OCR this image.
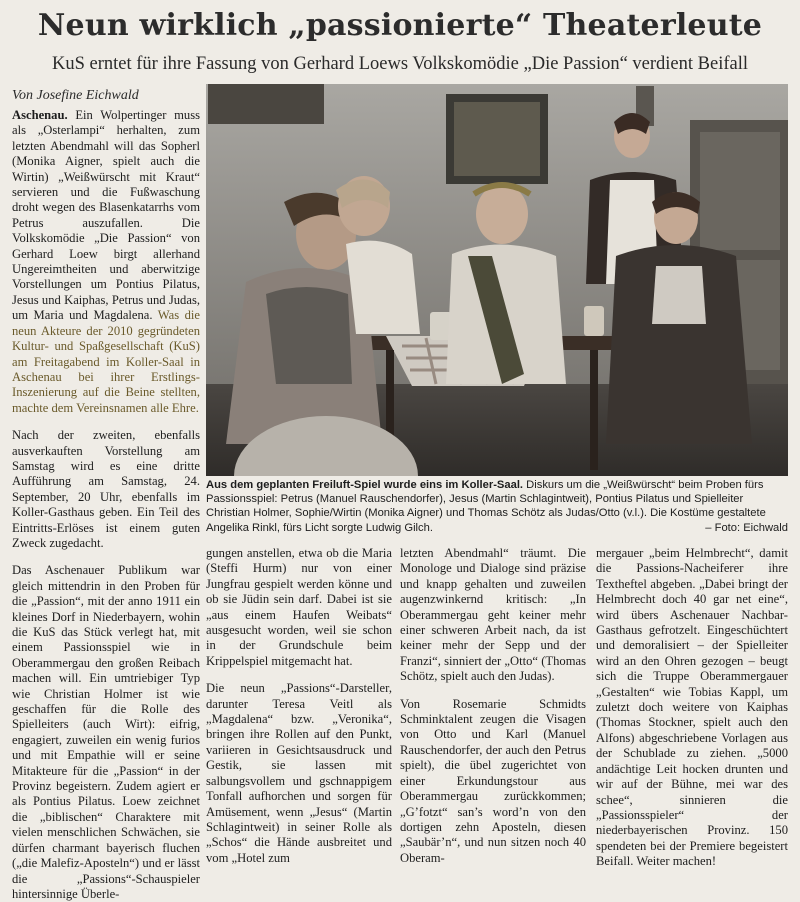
Neun wirklich „passionierte“ Theaterleute
KuS erntet für ihre Fassung von Gerhard Loews Volkskomödie „Die Passion“ verdient Beifall
Von Josefine Eichwald

Aschenau. Ein Wolpertinger muss als „Osterlampi“ herhalten, zum letzten Abendmahl will das Sopherl (Monika Aigner, spielt auch die Wirtin) „Weißwürscht mit Kraut“ servieren und die Fußwaschung droht wegen des Blasenkatarrhs vom Petrus auszufallen. Die Volkskomödie „Die Passion“ von Gerhard Loew birgt allerhand Ungereimtheiten und aberwitzige Vorstellungen um Pontius Pilatus, Jesus und Kaiphas, Petrus und Judas, um Maria und Magdalena. Was die neun Akteure der 2010 gegründeten Kultur- und Spaßgesellschaft (KuS) am Freitagabend im Koller-Saal in Aschenau bei ihrer Erstlings-Inszenierung auf die Beine stellten, machte dem Vereinsnamen alle Ehre.

Nach der zweiten, ebenfalls ausverkauften Vorstellung am Samstag wird es eine dritte Aufführung am Samstag, 24. September, 20 Uhr, ebenfalls im Koller-Gasthaus geben. Ein Teil des Eintritts-Erlöses ist einem guten Zweck zugedacht.

Das Aschenauer Publikum war gleich mittendrin in den Proben für die „Passion“, mit der anno 1911 ein kleines Dorf in Niederbayern, wohin die KuS das Stück verlegt hat, mit einem Passionsspiel wie in Oberammergau den großen Reibach machen will. Ein umtriebiger Typ wie Christian Holmer ist wie geschaffen für die Rolle des Spielleiters (auch Wirt): eifrig, engagiert, zuweilen ein wenig furios und mit Empathie will er seine Mitakteure für die „Passion“ in der Provinz begeistern. Zudem agiert er als Pontius Pilatus. Loew zeichnet die „biblischen“ Charaktere mit vielen menschlichen Schwächen, sie dürfen charmant bayerisch fluchen („die Malefiz-Aposteln“) und er lässt die „Passions“-Schauspieler hintersinnige Überle-

Aus dem geplanten Freiluft-Spiel wurde eins im Koller-Saal. Diskurs um die „Weißwürscht“ beim Proben fürs Passionsspiel: Petrus (Manuel Rauschendorfer), Jesus (Martin Schlagintweit), Pontius Pilatus und Spielleiter Christian Holmer, Sophie/Wirtin (Monika Aigner) und Thomas Schötz als Judas/Otto (v.l.). Die Kostüme gestaltete Angelika Rinkl, fürs Licht sorgte Ludwig Gilch.	– Foto: Eichwald

gungen anstellen, etwa ob die Maria (Steffi Hurm) nur von einer Jungfrau gespielt werden könne und ob sie Jüdin sein darf. Dabei ist sie „aus einem Haufen Weibats“ ausgesucht worden, weil sie schon in der Grundschule beim Krippelspiel mitgemacht hat.

Die neun „Passions“-Darsteller, darunter Teresa Veitl als „Magdalena“ bzw. „Veronika“, bringen ihre Rollen auf den Punkt, variieren in Gesichtsausdruck und Gestik, sie lassen mit salbungsvollem und gschnappigem Tonfall aufhorchen und sorgen für Amüsement, wenn „Jesus“ (Martin Schlagintweit) in seiner Rolle als „Schos“ die Hände ausbreitet und vom „Hotel zum

letzten Abendmahl“ träumt. Die Monologe und Dialoge sind präzise und knapp gehalten und zuweilen augenzwinkernd kritisch: „In Oberammergau geht keiner mehr einer schweren Arbeit nach, da ist keiner mehr der Sepp und der Franzi“, sinniert der „Otto“ (Thomas Schötz, spielt auch den Judas).

Von Rosemarie Schmidts Schminktalent zeugen die Visagen von Otto und Karl (Manuel Rauschendorfer, der auch den Petrus spielt), die übel zugerichtet von einer Erkundungstour aus Oberammergau zurückkommen; „G’fotzt“ san’s word’n von den dortigen zehn Aposteln, diesen „Saubär’n“, und nun sitzen noch 40 Oberam-

mergauer „beim Helmbrecht“, damit die Passions-Nacheiferer ihre Textheftel abgeben. „Dabei bringt der Helmbrecht doch 40 gar net eine“, wird übers Aschenauer Nachbar-Gasthaus gefrotzelt. Eingeschüchtert und demoralisiert – der Spielleiter wird an den Ohren gezogen – beugt sich die Truppe Oberammergauer „Gestalten“ wie Tobias Kappl, um zuletzt doch weitere von Kaiphas (Thomas Stockner, spielt auch den Alfons) abgeschriebene Vorlagen aus der Schublade zu ziehen. „5000 andächtige Leit hocken drunten und wir auf der Bühne, mei war des schee“, sinnieren die „Passionsspieler“ der niederbayerischen Provinz. 150 spendeten bei der Premiere begeistert Beifall. Weiter machen!
